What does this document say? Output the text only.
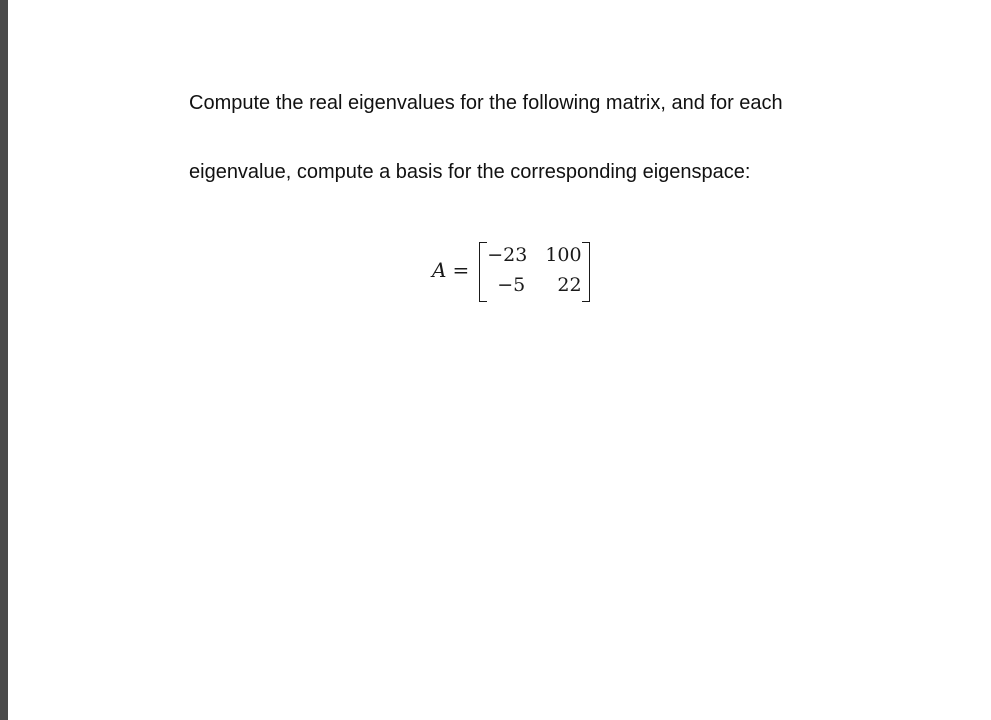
Compute the real eigenvalues for the following matrix, and for each
eigenvalue, compute a basis for the corresponding eigenspace:
A =
−23 100
−5	22
